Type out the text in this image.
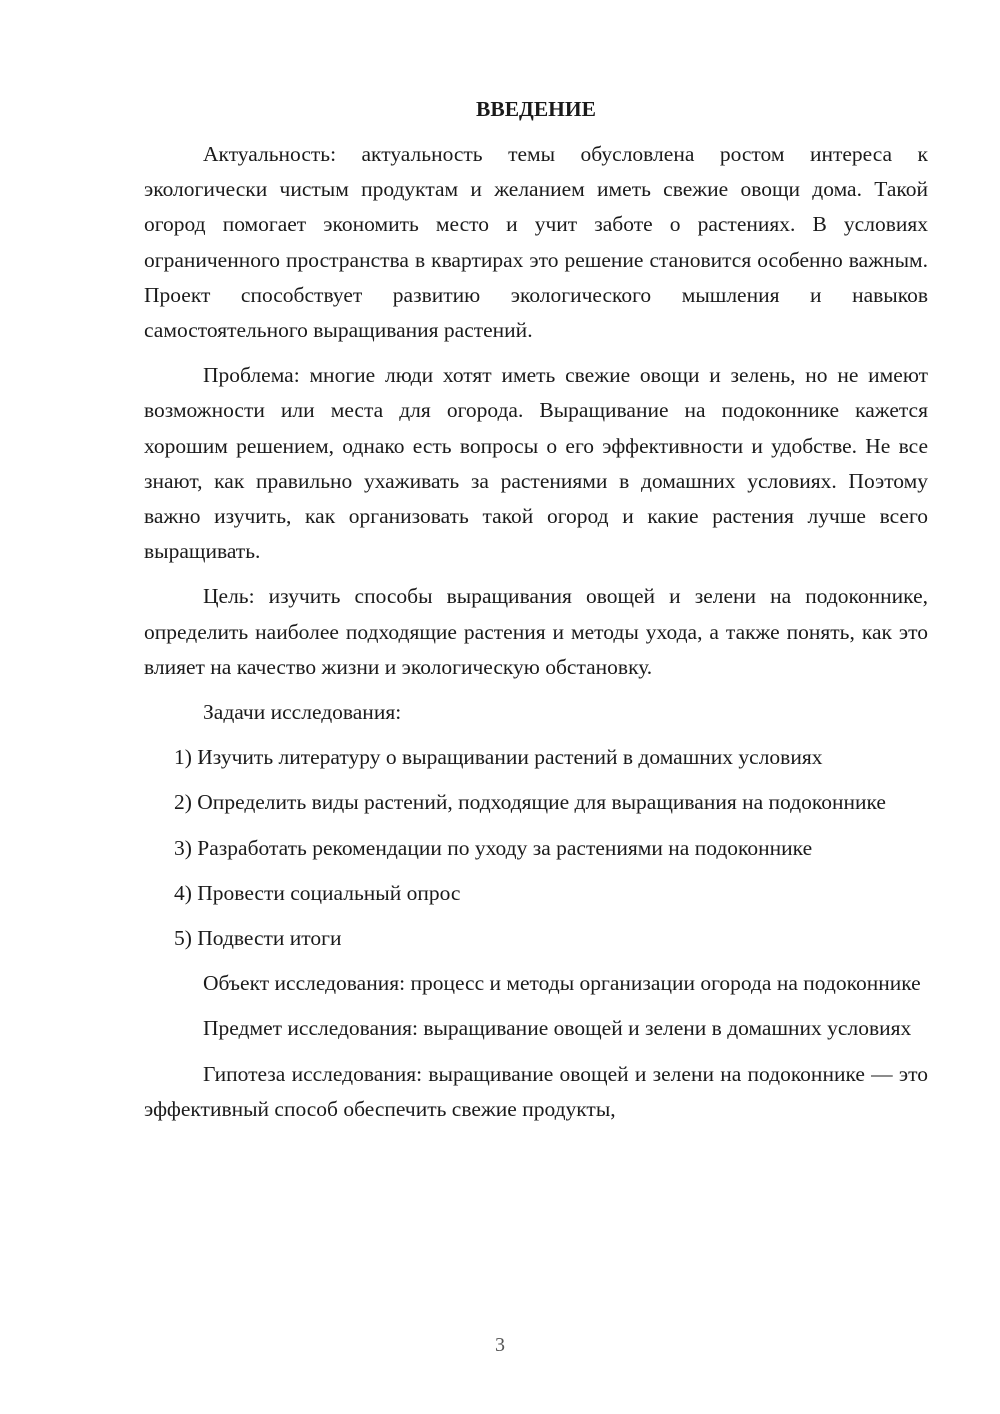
ВВЕДЕНИЕ

Актуальность: актуальность темы обусловлена ростом интереса к экологически чистым продуктам и желанием иметь свежие овощи дома. Такой огород помогает экономить место и учит заботе о растениях. В условиях ограниченного пространства в квартирах это решение становится особенно важным. Проект способствует развитию экологического мышления и навыков самостоятельного выращивания растений.

Проблема: многие люди хотят иметь свежие овощи и зелень, но не имеют возможности или места для огорода. Выращивание на подоконнике кажется хорошим решением, однако есть вопросы о его эффективности и удобстве. Не все знают, как правильно ухаживать за растениями в домашних условиях. Поэтому важно изучить, как организовать такой огород и какие растения лучше всего выращивать.

Цель: изучить способы выращивания овощей и зелени на подоконнике, определить наиболее подходящие растения и методы ухода, а также понять, как это влияет на качество жизни и экологическую обстановку.

Задачи исследования:

1) Изучить литературу о выращивании растений в домашних условиях

2) Определить виды растений, подходящие для выращивания на подоконнике

3) Разработать рекомендации по уходу за растениями на подоконнике

4) Провести социальный опрос

5) Подвести итоги

Объект исследования: процесс и методы организации огорода на подоконнике

Предмет исследования: выращивание овощей и зелени в домашних условиях

Гипотеза исследования: выращивание овощей и зелени на подоконнике — это эффективный способ обеспечить свежие продукты,

3
